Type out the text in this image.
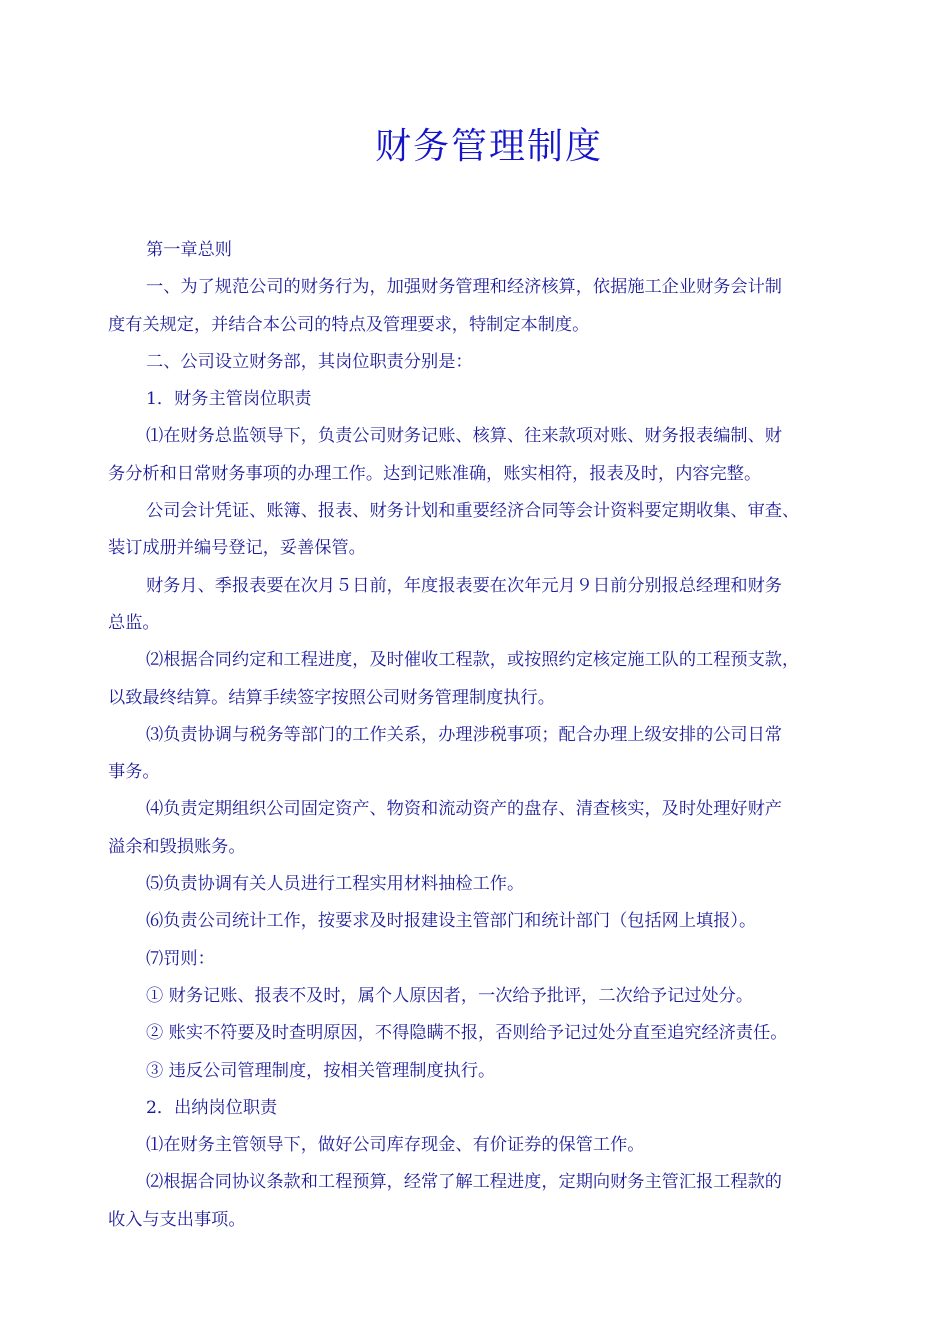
财务管理制度

第一章总则

一、为了规范公司的财务行为，加强财务管理和经济核算，依据施工企业财务会计制

度有关规定，并结合本公司的特点及管理要求，特制定本制度。

二、公司设立财务部，其岗位职责分别是：

1．财务主管岗位职责

⑴在财务总监领导下，负责公司财务记账、核算、往来款项对账、财务报表编制、财

务分析和日常财务事项的办理工作。达到记账准确，账实相符，报表及时，内容完整。

公司会计凭证、账簿、报表、财务计划和重要经济合同等会计资料要定期收集、审查、

装订成册并编号登记，妥善保管。

财务月、季报表要在次月５日前，年度报表要在次年元月９日前分别报总经理和财务

总监。

⑵根据合同约定和工程进度，及时催收工程款，或按照约定核定施工队的工程预支款，

以致最终结算。结算手续签字按照公司财务管理制度执行。

⑶负责协调与税务等部门的工作关系，办理涉税事项；配合办理上级安排的公司日常

事务。

⑷负责定期组织公司固定资产、物资和流动资产的盘存、清查核实，及时处理好财产

溢余和毁损账务。

⑸负责协调有关人员进行工程实用材料抽检工作。

⑹负责公司统计工作，按要求及时报建设主管部门和统计部门（包括网上填报）。

⑺罚则：

① 财务记账、报表不及时，属个人原因者，一次给予批评，二次给予记过处分。

② 账实不符要及时查明原因，不得隐瞒不报，否则给予记过处分直至追究经济责任。

③ 违反公司管理制度，按相关管理制度执行。

2．出纳岗位职责

⑴在财务主管领导下，做好公司库存现金、有价证券的保管工作。

⑵根据合同协议条款和工程预算，经常了解工程进度，定期向财务主管汇报工程款的

收入与支出事项。
